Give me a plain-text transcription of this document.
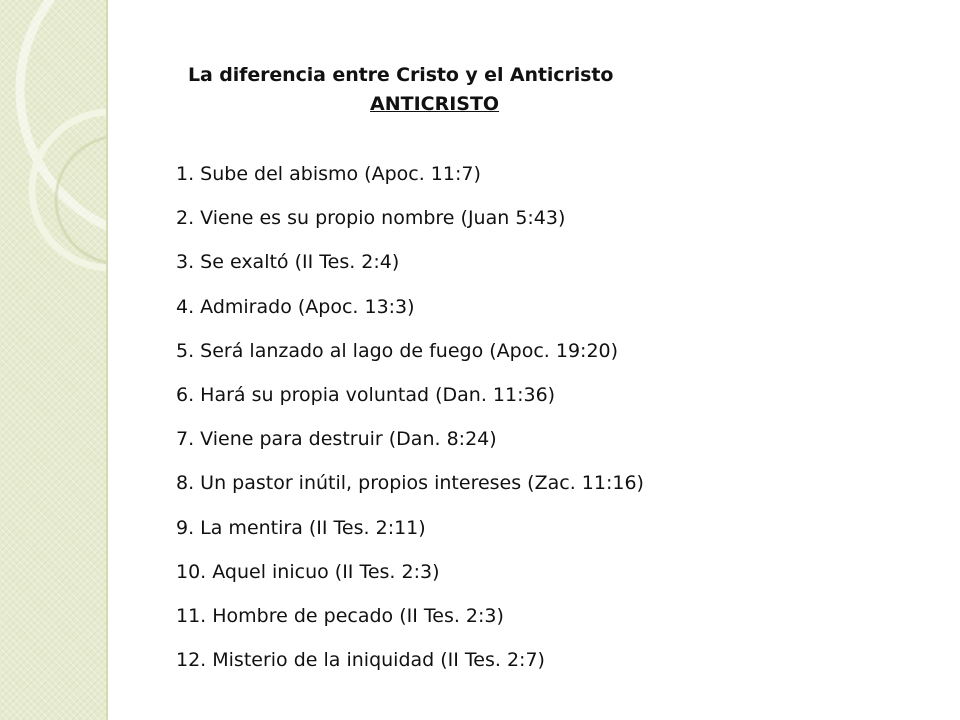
La diferencia entre Cristo y el Anticristo
ANTICRISTO
1. Sube del abismo (Apoc. 11:7)
2. Viene es su propio nombre (Juan 5:43)
3. Se exaltó (II Tes. 2:4)
4. Admirado (Apoc. 13:3)
5. Será lanzado al lago de fuego (Apoc. 19:20)
6. Hará su propia voluntad (Dan. 11:36)
7. Viene para destruir (Dan. 8:24)
8. Un pastor inútil, propios intereses (Zac. 11:16)
9. La mentira (II Tes. 2:11)
10. Aquel inicuo (II Tes. 2:3)
11. Hombre de pecado (II Tes. 2:3)
12. Misterio de la iniquidad (II Tes. 2:7)
